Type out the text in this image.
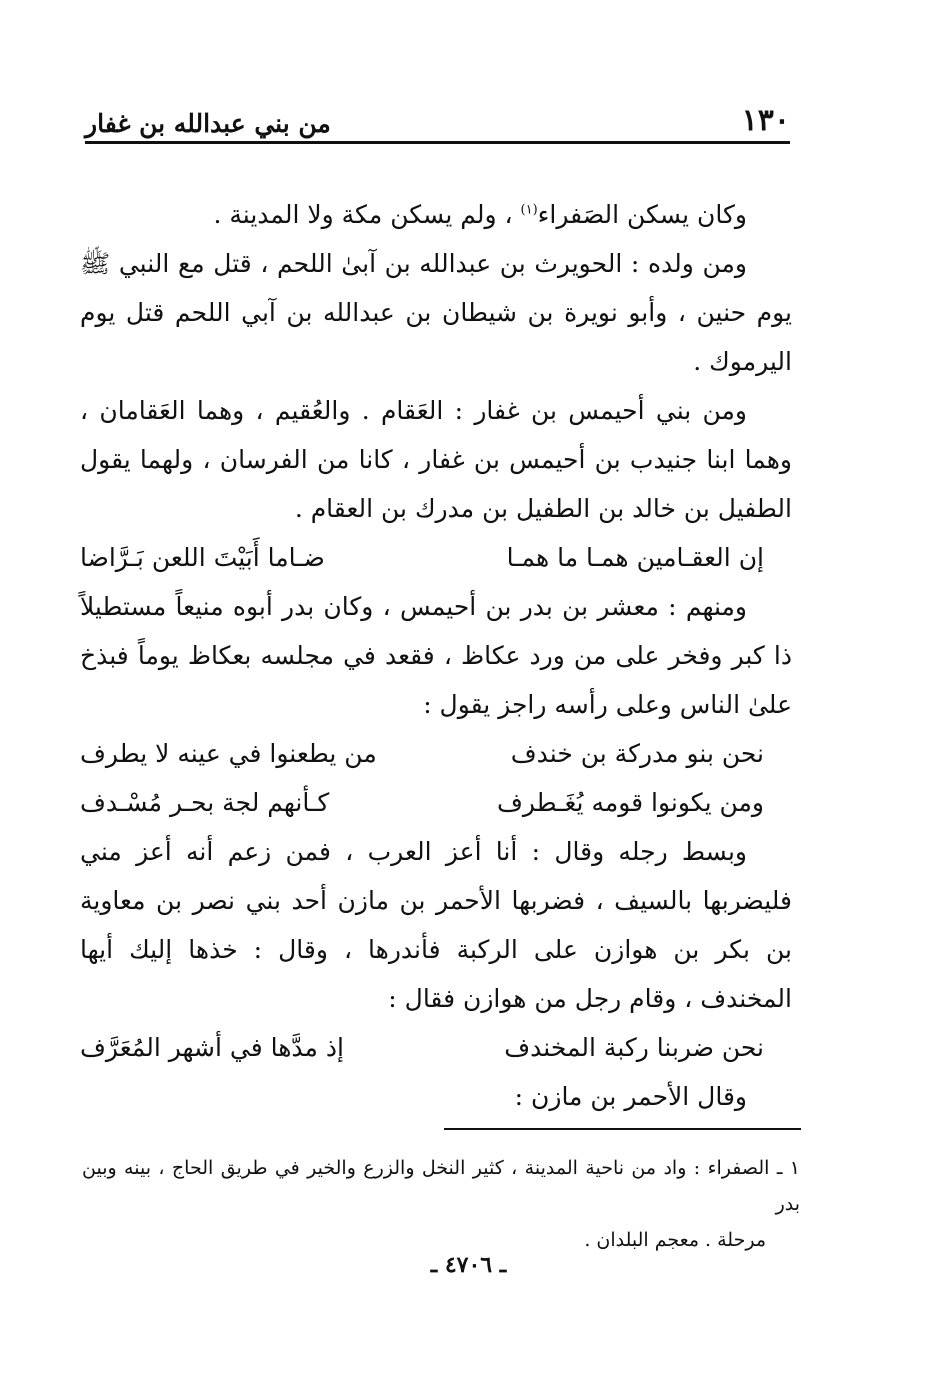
١٣٠
من بني عبدالله بن غفار

وكان يسكن الصَفراء$^{(١)}$ ، ولم يسكن مكة ولا المدينة .

ومن ولده : الحويرث بن عبدالله بن آبىٰ اللحم ، قتل مع النبي ﷺ يوم حنين ، وأبو نويرة بن شيطان بن عبدالله بن آبي اللحم قتل يوم اليرموك .

ومن بني أحيمس بن غفار : العَقام . والعُقيم ، وهما العَقامان ، وهما ابنا جنيدب بن أحيمس بن غفار ، كانا من الفرسان ، ولهما يقول الطفيل بن خالد بن الطفيل بن مدرك بن العقام .

إن العقـامين همـا ما همـا
ضـاما أَبَيْتَ اللعن بَـرَّاضا

ومنهم : معشر بن بدر بن أحيمس ، وكان بدر أبوه منيعاً مستطيلاً ذا كبر وفخر على من ورد عكاظ ، فقعد في مجلسه بعكاظ يوماً فبذخ علىٰ الناس وعلى رأسه راجز يقول :

نحن بنو مدركة بن خندف
من يطعنوا في عينه لا يطرف
ومن يكونوا قومه يُغَـطرف
كـأنهم لجة بحـر مُسْـدف

وبسط رجله وقال : أنا أعز العرب ، فمن زعم أنه أعز مني فليضربها بالسيف ، فضربها الأحمر بن مازن أحد بني نصر بن معاوية بن بكر بن هوازن على الركبة فأندرها ، وقال : خذها إليك أيها المخندف ، وقام رجل من هوازن فقال :

نحن ضربنا ركبة المخندف
إذ مدَّها في أشهر المُعَرَّف

وقال الأحمر بن مازن :

١ ـ الصفراء : واد من ناحية المدينة ، كثير النخل والزرع والخير في طريق الحاج ، بينه وبين بدر

مرحلة . معجم البلدان .

ـ ٤٧٠٦ ـ
